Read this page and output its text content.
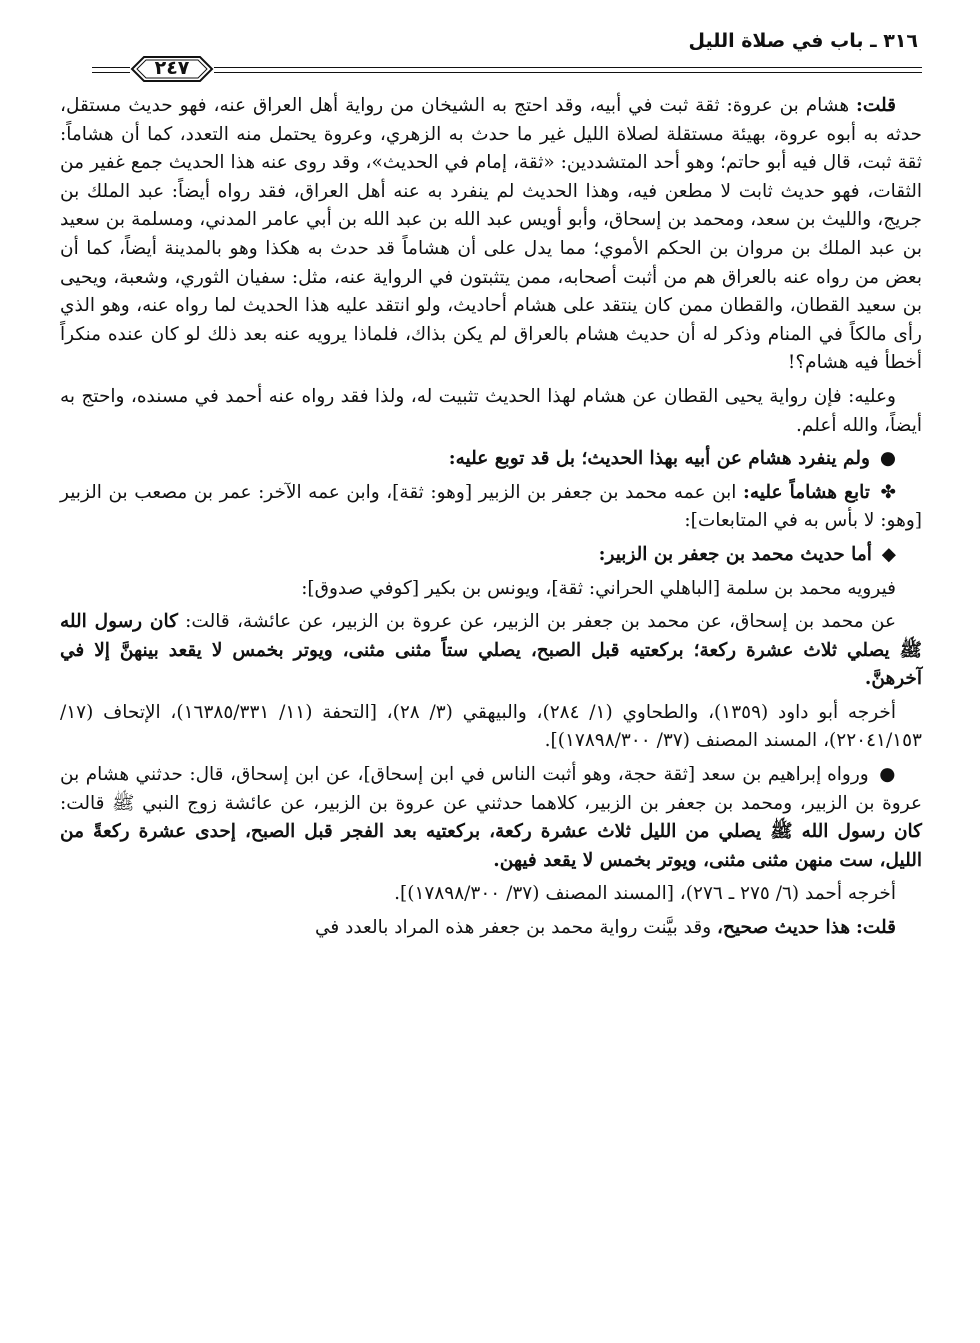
٣١٦ ـ باب في صلاة الليل
٢٤٧

قلت: هشام بن عروة: ثقة ثبت في أبيه، وقد احتج به الشيخان من رواية أهل العراق عنه، فهو حديث مستقل، حدثه به أبوه عروة، بهيئة مستقلة لصلاة الليل غير ما حدث به الزهري، وعروة يحتمل منه التعدد، كما أن هشاماً: ثقة ثبت، قال فيه أبو حاتم؛ وهو أحد المتشددين: «ثقة، إمام في الحديث»، وقد روى عنه هذا الحديث جمع غفير من الثقات، فهو حديث ثابت لا مطعن فيه، وهذا الحديث لم ينفرد به عنه أهل العراق، فقد رواه أيضاً: عبد الملك بن جريج، والليث بن سعد، ومحمد بن إسحاق، وأبو أويس عبد الله بن عبد الله بن أبي عامر المدني، ومسلمة بن سعيد بن عبد الملك بن مروان بن الحكم الأموي؛ مما يدل على أن هشاماً قد حدث به هكذا وهو بالمدينة أيضاً، كما أن بعض من رواه عنه بالعراق هم من أثبت أصحابه، ممن يتثبتون في الرواية عنه، مثل: سفيان الثوري، وشعبة، ويحيى بن سعيد القطان، والقطان ممن كان ينتقد على هشام أحاديث، ولو انتقد عليه هذا الحديث لما رواه عنه، وهو الذي رأى مالكاً في المنام وذكر له أن حديث هشام بالعراق لم يكن بذاك، فلماذا يرويه عنه بعد ذلك لو كان عنده منكراً أخطأ فيه هشام؟!

وعليه: فإن رواية يحيى القطان عن هشام لهذا الحديث تثبيت له، ولذا فقد رواه عنه أحمد في مسنده، واحتج به أيضاً، والله أعلم.

● ولم ينفرد هشام عن أبيه بهذا الحديث؛ بل قد توبع عليه:

✤ تابع هشاماً عليه: ابن عمه محمد بن جعفر بن الزبير [وهو: ثقة]، وابن عمه الآخر: عمر بن مصعب بن الزبير [وهو: لا بأس به في المتابعات]:

◆ أما حديث محمد بن جعفر بن الزبير:

فيرويه محمد بن سلمة [الباهلي الحراني: ثقة]، ويونس بن بكير [كوفي صدوق]:

عن محمد بن إسحاق، عن محمد بن جعفر بن الزبير، عن عروة بن الزبير، عن عائشة، قالت: كان رسول الله ﷺ يصلي ثلاث عشرة ركعة؛ بركعتيه قبل الصبح، يصلي ستاً مثنى مثنى، ويوتر بخمس لا يقعد بينهنَّ إلا في آخرهنَّ.

أخرجه أبو داود (١٣٥٩)، والطحاوي (١/ ٢٨٤)، والبيهقي (٣/ ٢٨)، [التحفة (١١/ ١٦٣٨٥/٣٣١)، الإتحاف (١٧/ ٢٢٠٤١/١٥٣)، المسند المصنف (٣٧/ ١٧٨٩٨/٣٠٠)].

● ورواه إبراهيم بن سعد [ثقة حجة، وهو أثبت الناس في ابن إسحاق]، عن ابن إسحاق، قال: حدثني هشام بن عروة بن الزبير، ومحمد بن جعفر بن الزبير، كلاهما حدثني عن عروة بن الزبير، عن عائشة زوج النبي ﷺ قالت: كان رسول الله ﷺ يصلي من الليل ثلاث عشرة ركعة، بركعتيه بعد الفجر قبل الصبح، إحدى عشرة ركعةً من الليل، ست منهن مثنى مثنى، ويوتر بخمس لا يقعد فيهن.

أخرجه أحمد (٦/ ٢٧٥ ـ ٢٧٦)، [المسند المصنف (٣٧/ ١٧٨٩٨/٣٠٠)].

قلت: هذا حديث صحيح، وقد بيَّنت رواية محمد بن جعفر هذه المراد بالعدد في
